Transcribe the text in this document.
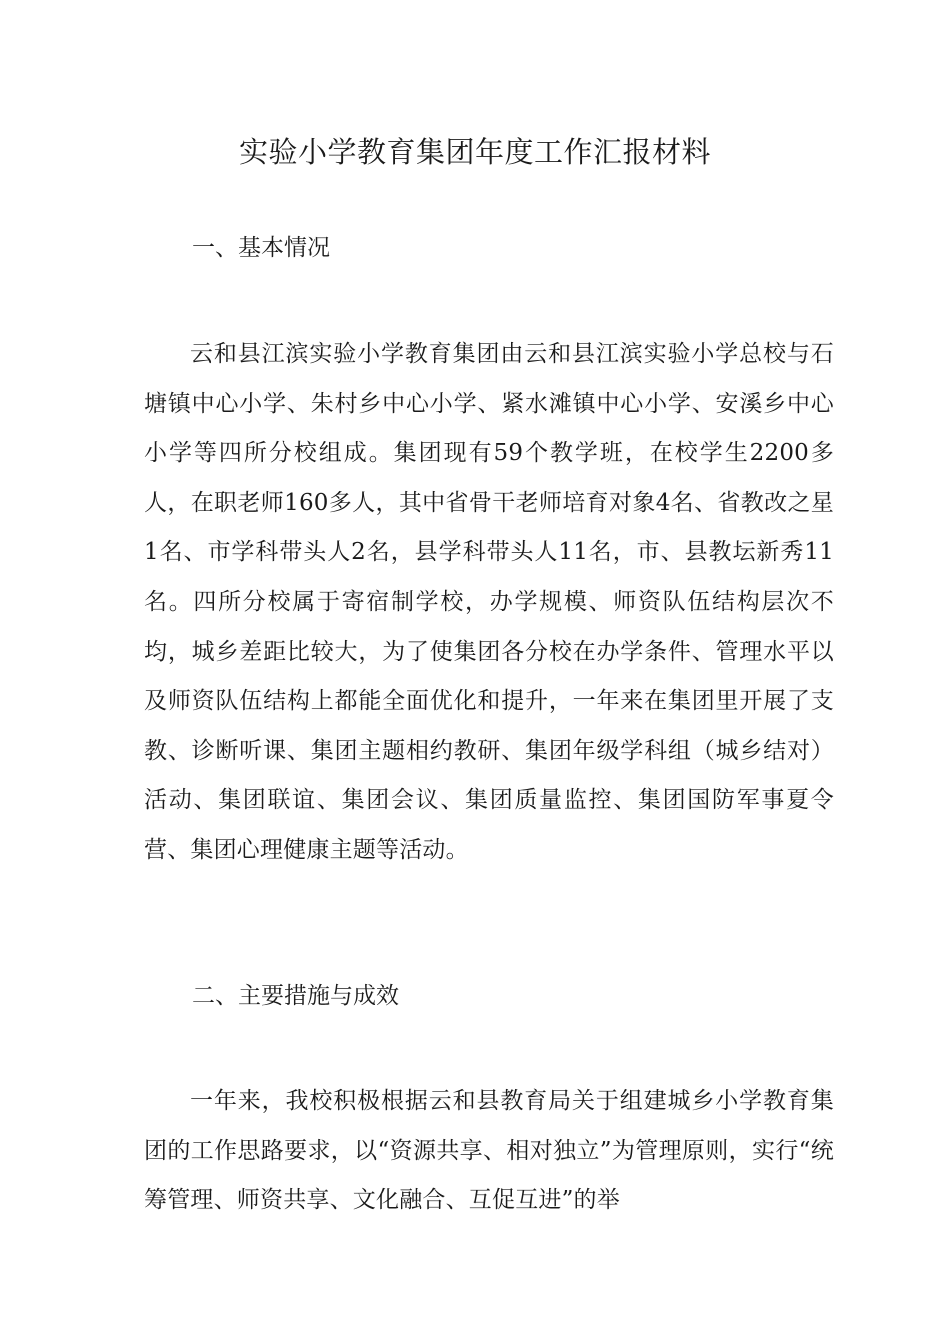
实验小学教育集团年度工作汇报材料
一、基本情况

云和县江滨实验小学教育集团由云和县江滨实验小学总校与石塘镇中心小学、朱村乡中心小学、紧水滩镇中心小学、安溪乡中心小学等四所分校组成。集团现有59个教学班，在校学生2200多人，在职老师160多人，其中省骨干老师培育对象4名、省教改之星1名、市学科带头人2名，县学科带头人11名，市、县教坛新秀11名。四所分校属于寄宿制学校，办学规模、师资队伍结构层次不均，城乡差距比较大，为了使集团各分校在办学条件、管理水平以及师资队伍结构上都能全面优化和提升，一年来在集团里开展了支教、诊断听课、集团主题相约教研、集团年级学科组（城乡结对）活动、集团联谊、集团会议、集团质量监控、集团国防军事夏令营、集团心理健康主题等活动。

二、主要措施与成效

一年来，我校积极根据云和县教育局关于组建城乡小学教育集团的工作思路要求，以“资源共享、相对独立”为管理原则，实行“统筹管理、师资共享、文化融合、互促互进”的举
